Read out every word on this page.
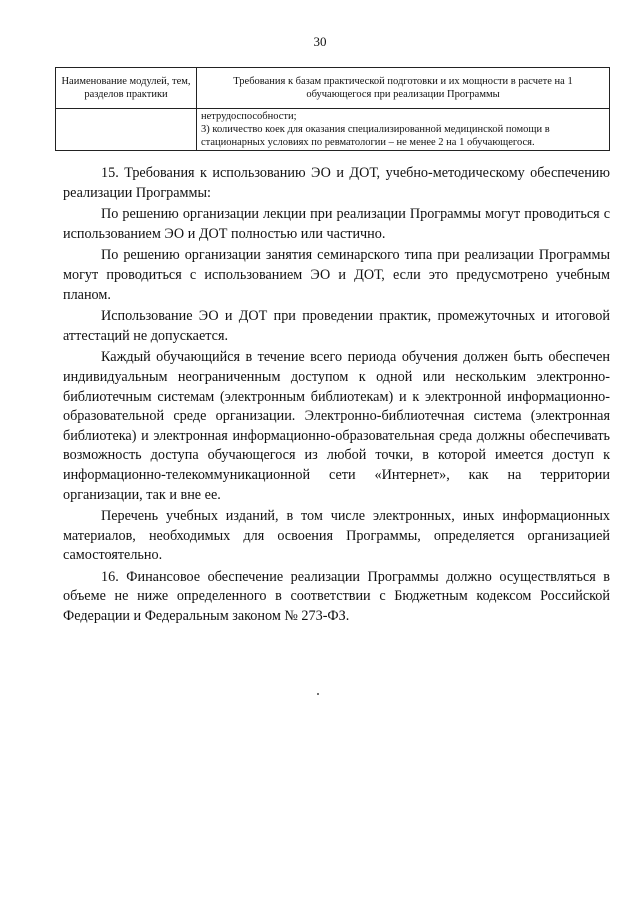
30
Наименование модулей, тем, разделов практики	Требования к базам практической подготовки и их мощности в расчете на 1 обучающегося при реализации Программы

	нетрудоспособности;
3) количество коек для оказания специализированной медицинской помощи в стационарных условиях по ревматологии – не менее 2 на 1 обучающегося.

15. Требования к использованию ЭО и ДОТ, учебно-методическому обеспечению реализации Программы:

По решению организации лекции при реализации Программы могут проводиться с использованием ЭО и ДОТ полностью или частично.

По решению организации занятия семинарского типа при реализации Программы могут проводиться с использованием ЭО и ДОТ, если это предусмотрено учебным планом.

Использование ЭО и ДОТ при проведении практик, промежуточных и итоговой аттестаций не допускается.

Каждый обучающийся в течение всего периода обучения должен быть обеспечен индивидуальным неограниченным доступом к одной или нескольким электронно-библиотечным системам (электронным библиотекам) и к электронной информационно-образовательной среде организации. Электронно-библиотечная система (электронная библиотека) и электронная информационно-образовательная среда должны обеспечивать возможность доступа обучающегося из любой точки, в которой имеется доступ к информационно-телекоммуникационной сети «Интернет», как на территории организации, так и вне ее.

Перечень учебных изданий, в том числе электронных, иных информационных материалов, необходимых для освоения Программы, определяется организацией самостоятельно.

16. Финансовое обеспечение реализации Программы должно осуществляться в объеме не ниже определенного в соответствии с Бюджетным кодексом Российской Федерации и Федеральным законом № 273-ФЗ.
